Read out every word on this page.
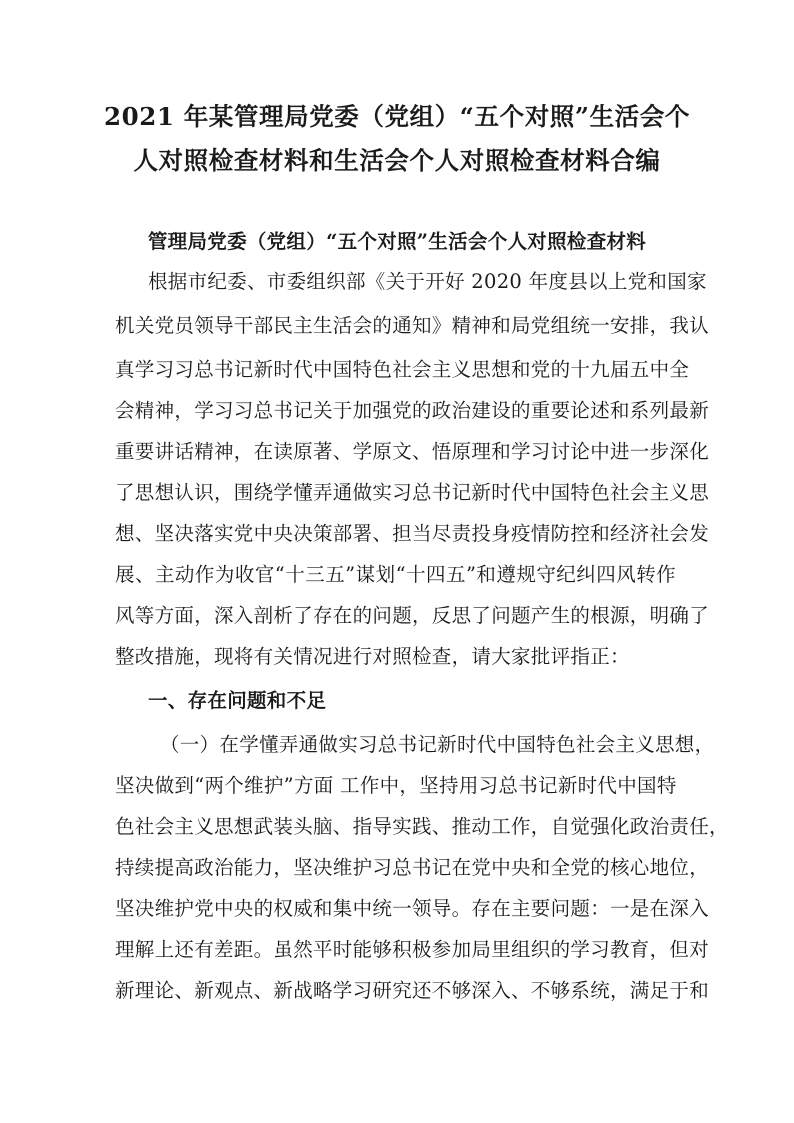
2021 年某管理局党委（党组）“五个对照”生活会个
人对照检查材料和生活会个人对照检查材料合编
管理局党委（党组）“五个对照”生活会个人对照检查材料
根据市纪委、市委组织部《关于开好 2020 年度县以上党和国家
机关党员领导干部民主生活会的通知》精神和局党组统一安排，我认
真学习习总书记新时代中国特色社会主义思想和党的十九届五中全
会精神，学习习总书记关于加强党的政治建设的重要论述和系列最新
重要讲话精神，在读原著、学原文、悟原理和学习讨论中进一步深化
了思想认识，围绕学懂弄通做实习总书记新时代中国特色社会主义思
想、坚决落实党中央决策部署、担当尽责投身疫情防控和经济社会发
展、主动作为收官“十三五”谋划“十四五”和遵规守纪纠四风转作
风等方面，深入剖析了存在的问题，反思了问题产生的根源，明确了
整改措施，现将有关情况进行对照检查，请大家批评指正：
一、存在问题和不足
（一）在学懂弄通做实习总书记新时代中国特色社会主义思想，
坚决做到“两个维护”方面 工作中，坚持用习总书记新时代中国特
色社会主义思想武装头脑、指导实践、推动工作，自觉强化政治责任，
持续提高政治能力，坚决维护习总书记在党中央和全党的核心地位，
坚决维护党中央的权威和集中统一领导。存在主要问题：一是在深入
理解上还有差距。虽然平时能够积极参加局里组织的学习教育，但对
新理论、新观点、新战略学习研究还不够深入、不够系统，满足于和
